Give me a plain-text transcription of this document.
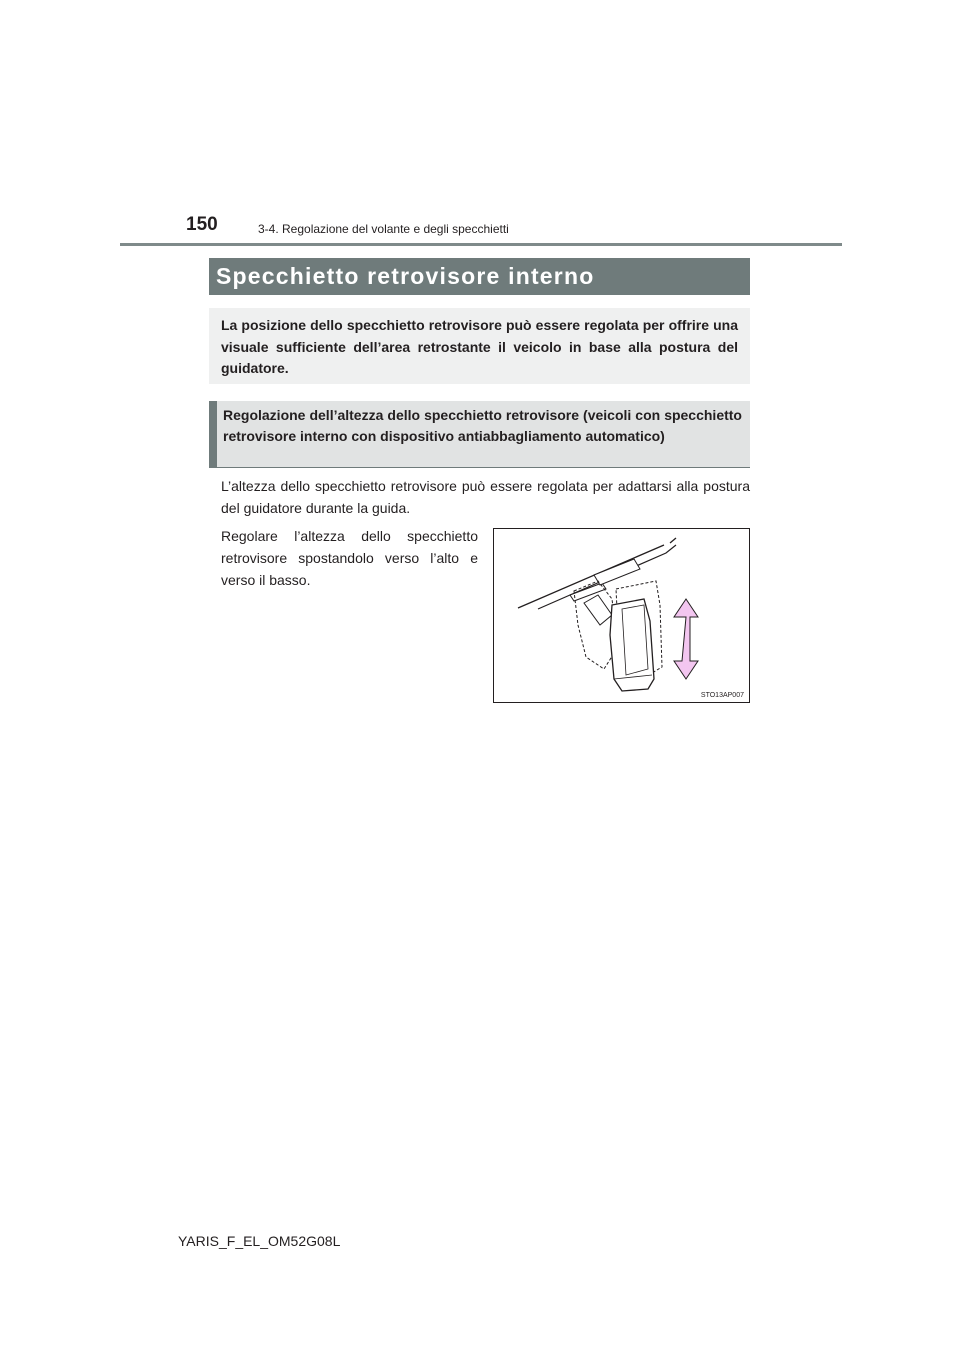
150	3-4. Regolazione del volante e degli specchietti
Specchietto retrovisore interno

La posizione dello specchietto retrovisore può essere regolata per offrire una visuale sufficiente dell’area retrostante il veicolo in base alla postura del guidatore.

Regolazione dell’altezza dello specchietto retrovisore (veicoli con specchietto retrovisore interno con dispositivo antiabbagliamento automatico)

L’altezza dello specchietto retrovisore può essere regolata per adattarsi alla postura del guidatore durante la guida.

Regolare l’altezza dello specchietto retrovisore spostandolo verso l’alto e verso il basso.

STO13AP007
YARIS_F_EL_OM52G08L
